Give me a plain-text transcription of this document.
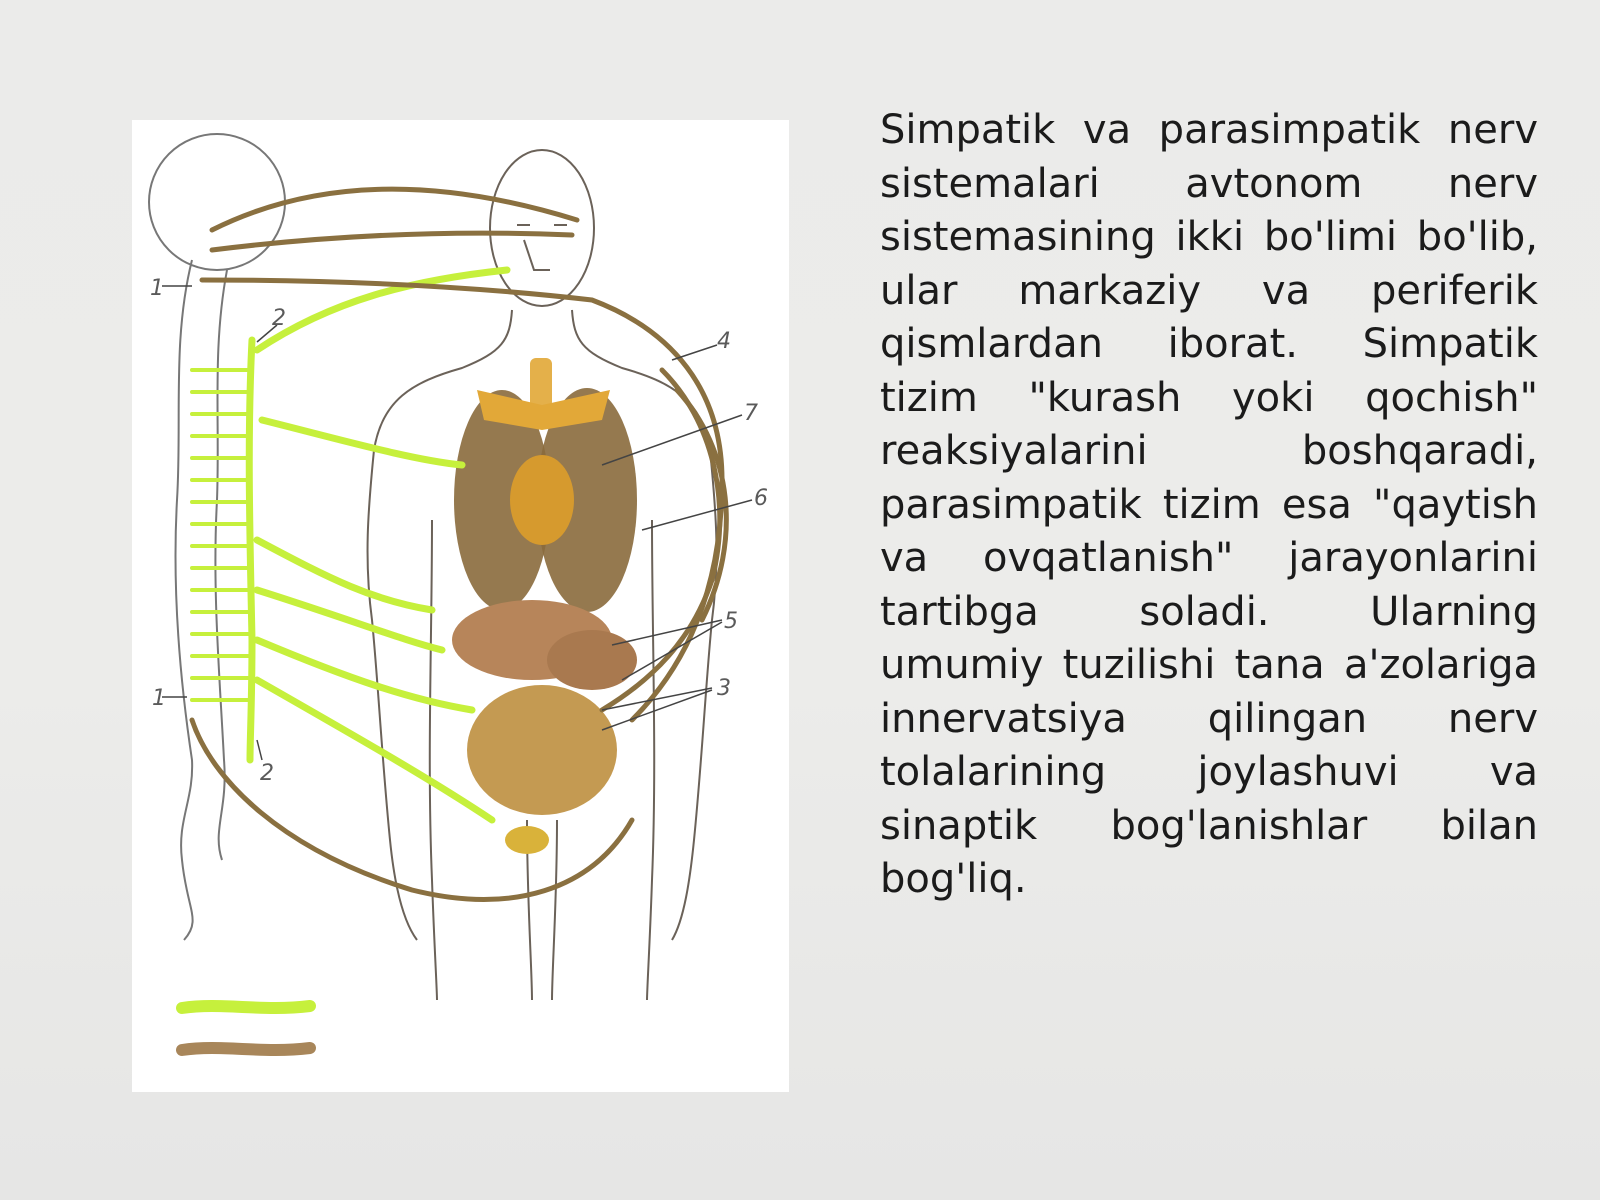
1
2
4
7
6
5
3
1
2

Simpatik va parasimpatik nerv sistemalari avtonom nerv sistemasining ikki bo'limi bo'lib, ular markaziy va periferik qismlardan iborat. Simpatik tizim "kurash yoki qochish" reaksiyalarini boshqaradi, parasimpatik tizim esa "qaytish va ovqatlanish" jarayonlarini tartibga soladi. Ularning umumiy tuzilishi tana a'zolariga innervatsiya qilingan nerv tolalarining joylashuvi va sinaptik bog'lanishlar bilan bog'liq.
